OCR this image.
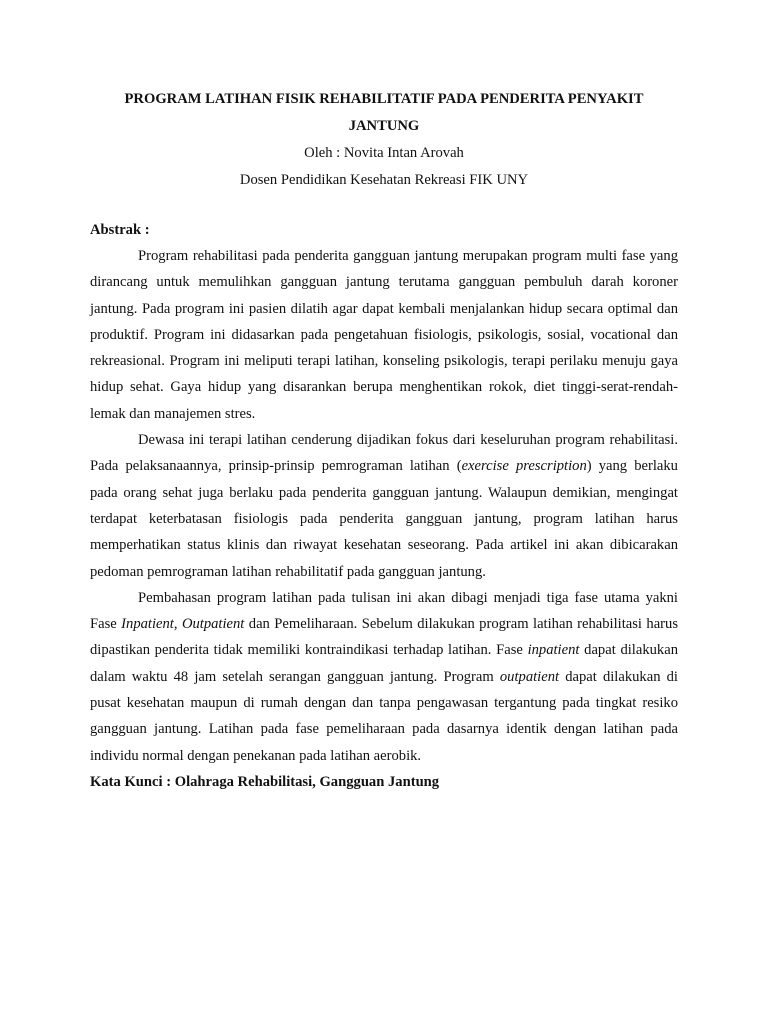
PROGRAM LATIHAN FISIK REHABILITATIF PADA PENDERITA PENYAKIT JANTUNG

Oleh : Novita Intan Arovah

Dosen Pendidikan Kesehatan Rekreasi FIK UNY

Abstrak :

Program rehabilitasi pada penderita gangguan jantung merupakan program multi fase yang dirancang untuk memulihkan gangguan jantung terutama gangguan pembuluh darah koroner jantung. Pada program ini pasien dilatih agar dapat kembali menjalankan hidup secara optimal dan produktif. Program ini didasarkan pada pengetahuan fisiologis, psikologis, sosial, vocational dan rekreasional. Program ini meliputi terapi latihan, konseling psikologis, terapi perilaku menuju gaya hidup sehat. Gaya hidup yang disarankan berupa menghentikan rokok, diet tinggi-serat-rendah-lemak dan manajemen stres.

Dewasa ini terapi latihan cenderung dijadikan fokus dari keseluruhan program rehabilitasi. Pada pelaksanaannya, prinsip-prinsip pemrograman latihan (exercise prescription) yang berlaku pada orang sehat juga berlaku pada penderita gangguan jantung. Walaupun demikian, mengingat terdapat keterbatasan fisiologis pada penderita gangguan jantung, program latihan harus memperhatikan status klinis dan riwayat kesehatan seseorang. Pada artikel ini akan dibicarakan pedoman pemrograman latihan rehabilitatif pada gangguan jantung.

Pembahasan program latihan pada tulisan ini akan dibagi menjadi tiga fase utama yakni Fase Inpatient, Outpatient dan Pemeliharaan. Sebelum dilakukan program latihan rehabilitasi harus dipastikan penderita tidak memiliki kontraindikasi terhadap latihan. Fase inpatient dapat dilakukan dalam waktu 48 jam setelah serangan gangguan jantung. Program outpatient dapat dilakukan di pusat kesehatan maupun di rumah dengan dan tanpa pengawasan tergantung pada tingkat resiko gangguan jantung. Latihan pada fase pemeliharaan pada dasarnya identik dengan latihan pada individu normal dengan penekanan pada latihan aerobik.

Kata Kunci : Olahraga Rehabilitasi, Gangguan Jantung
